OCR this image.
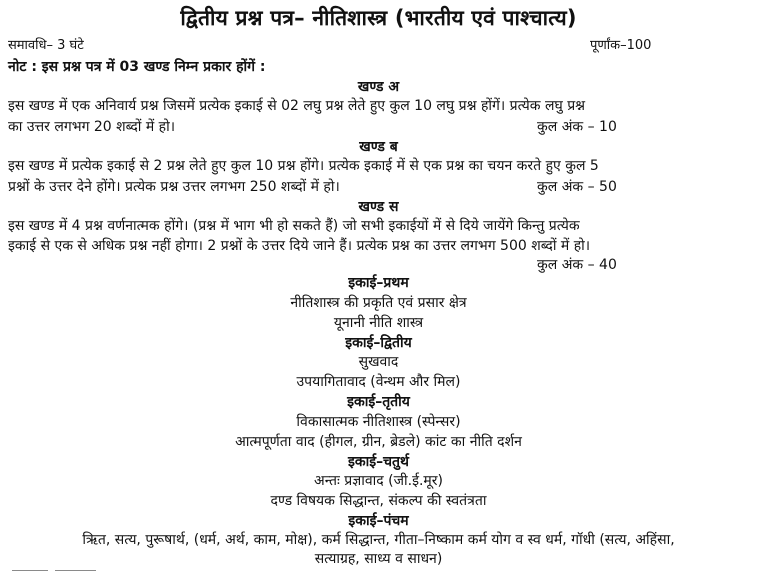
द्वितीय प्रश्न पत्र– नीतिशास्त्र (भारतीय एवं पाश्चात्य)
समावधि– 3 घंटे	पूर्णांक–100
नोट : इस प्रश्न पत्र में 03 खण्ड निम्न प्रकार होंगें :
खण्ड अ
इस खण्ड में एक अनिवार्य प्रश्न जिसमें प्रत्येक इकाई से 02 लघु प्रश्न लेते हुए कुल 10 लघु प्रश्न होंगें। प्रत्येक लघु प्रश्न
का उत्तर लगभग 20 शब्दों में हो।	कुल अंक – 10
खण्ड ब
इस खण्ड में प्रत्येक इकाई से 2 प्रश्न लेते हुए कुल 10 प्रश्न होंगे। प्रत्येक इकाई में से एक प्रश्न का चयन करते हुए कुल 5
प्रश्नों के उत्तर देने होंगे। प्रत्येक प्रश्न उत्तर लगभग 250 शब्दों में हो।	कुल अंक – 50
खण्ड स
इस खण्ड में 4 प्रश्न वर्णनात्मक होंगे। (प्रश्न में भाग भी हो सकते हैं) जो सभी इकाईयों में से दिये जायेंगे किन्तु प्रत्येक
इकाई से एक से अधिक प्रश्न नहीं होगा। 2 प्रश्नों के उत्तर दिये जाने हैं। प्रत्येक प्रश्न का उत्तर लगभग 500 शब्दों में हो।
कुल अंक – 40
इकाई–प्रथम
नीतिशास्त्र की प्रकृति एवं प्रसार क्षेत्र
यूनानी नीति शास्त्र
इकाई–द्वितीय
सुखवाद
उपयागितावाद (वेन्थम और मिल)
इकाई–तृतीय
विकासात्मक नीतिशास्त्र (स्पेन्सर)
आत्मपूर्णता वाद (हीगल, ग्रीन, ब्रेडले) कांट का नीति दर्शन
इकाई–चतुर्थ
अन्तः प्रज्ञावाद (जी.ई.मूर)
दण्ड विषयक सिद्धान्त, संकल्प की स्वतंत्रता
इकाई–पंचम
ऋित, सत्य, पुरूषार्थ, (धर्म, अर्थ, काम, मोक्ष), कर्म सिद्धान्त, गीता–निष्काम कर्म योग व स्व धर्म, गॉधी (सत्य, अहिंसा,
सत्याग्रह, साध्य व साधन)
